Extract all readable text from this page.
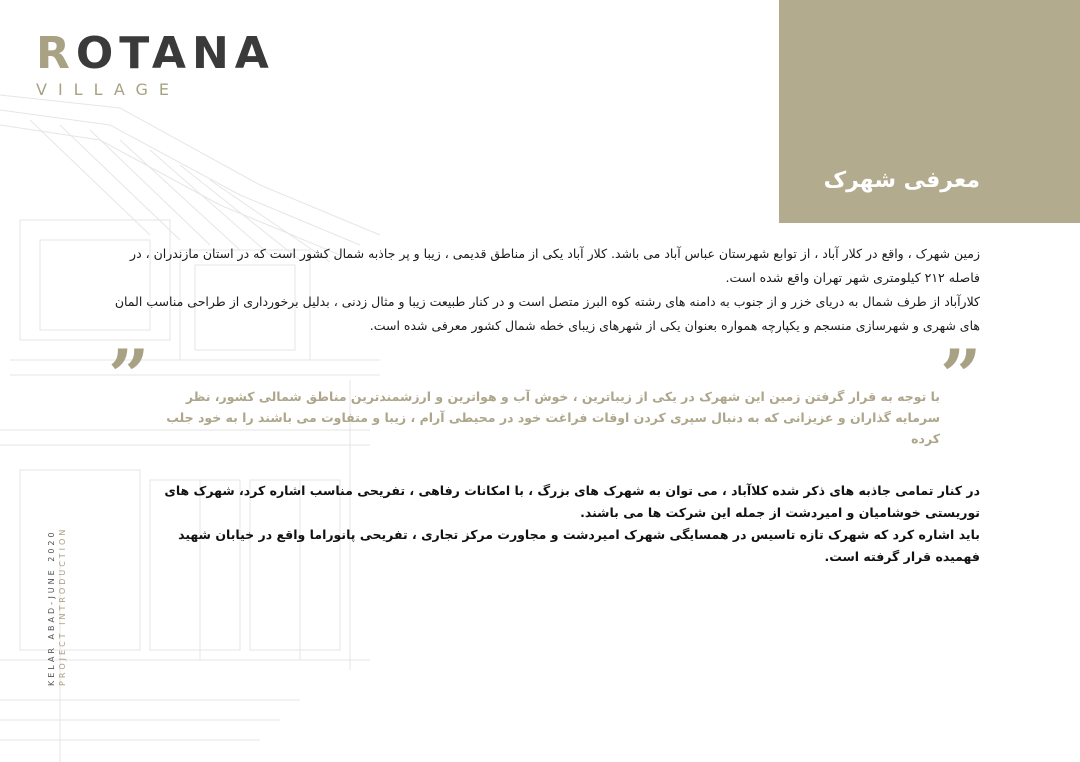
ROTANA
VILLAGE
معرفی شهرک

زمین شهرک ، واقع در کلار آباد ، از توابع شهرستان عباس آباد می باشد. کلار آباد یکی از مناطق قدیمی ، زیبا و پر جاذبه شمال کشور است که در استان مازندران ، در فاصله ۲۱۲ کیلومتری شهر تهران واقع شده است.

کلارآباد از طرف شمال به دریای خزر و از جنوب به دامنه های رشته کوه البرز متصل است و در کنار طبیعت زیبا و مثال زدنی ، بدلیل برخورداری از طراحی مناسب المان های شهری و شهرسازی منسجم و یکپارچه همواره بعنوان یکی از شهرهای زیبای خطه شمال کشور معرفی شده است.

”	”

با توجه به قرار گرفتن زمین این شهرک در یکی از زیباترین ، خوش آب و هواترین و ارزشمندترین مناطق شمالی کشور، نظر سرمایه گذاران و عزیزانی که به دنبال سپری کردن اوقات فراغت خود در محیطی آرام ، زیبا و متفاوت می باشند را به خود جلب کرده

در کنار تمامی جاذبه های ذکر شده کلاآباد ، می توان به شهرک های بزرگ ، با امکانات رفاهی ، تفریحی مناسب اشاره کرد، شهرک های توریستی خوشامیان و امیردشت از جمله این شرکت ها می باشند.

باید اشاره کرد که شهرک تازه تاسیس در همسایگی شهرک امیردشت و مجاورت مرکز تجاری ، تفریحی پانوراما واقع در خیابان شهید فهمیده قرار گرفته است.

KELAR ABAD-JUNE 2020 PROJECT INTRODUCTION
